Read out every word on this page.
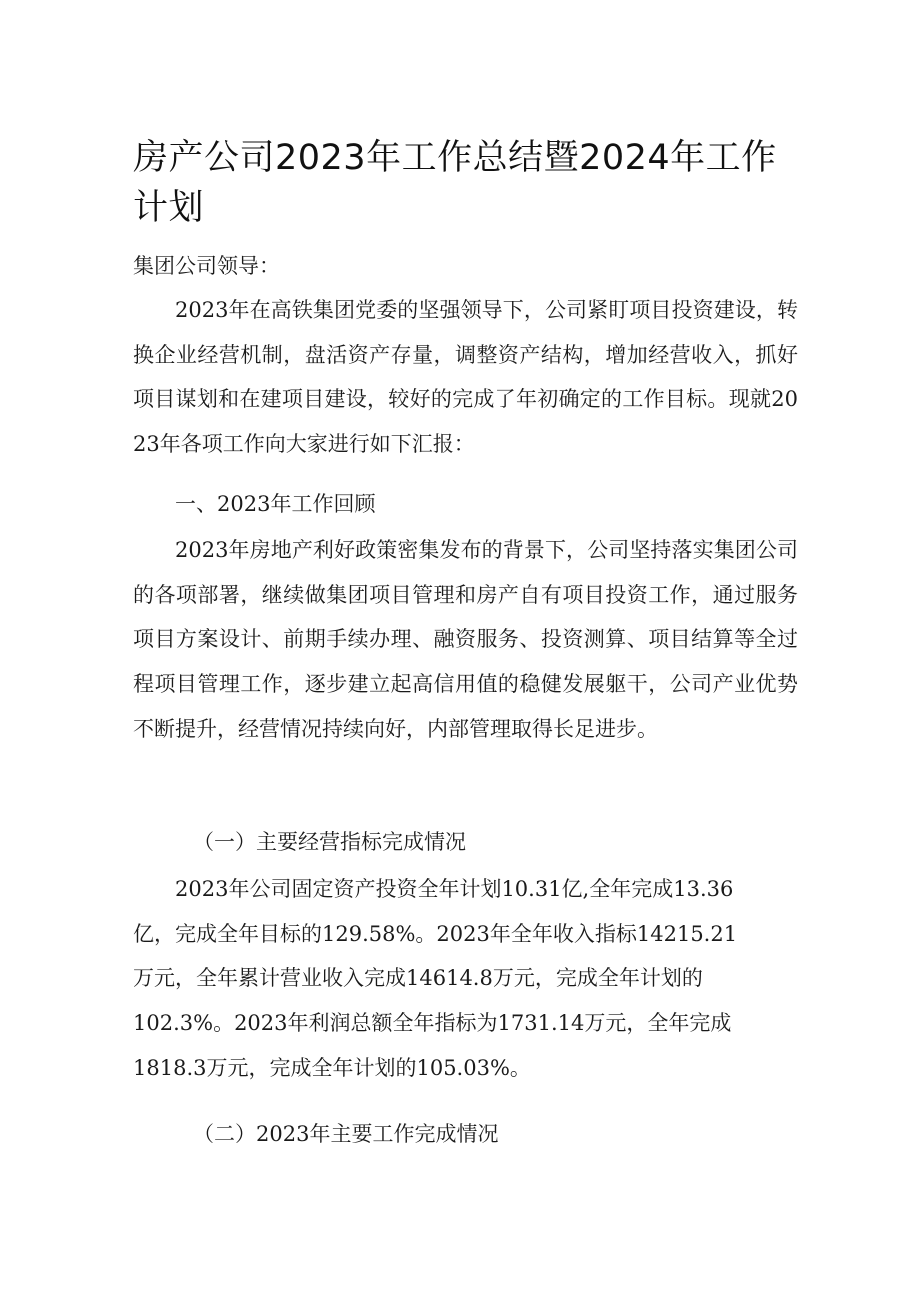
房产公司2023年工作总结暨2024年工作计划

集团公司领导：

2023年在高铁集团党委的坚强领导下，公司紧盯项目投资建设，转换企业经营机制，盘活资产存量，调整资产结构，增加经营收入，抓好项目谋划和在建项目建设，较好的完成了年初确定的工作目标。现就2023年各项工作向大家进行如下汇报：

一、2023年工作回顾

2023年房地产利好政策密集发布的背景下，公司坚持落实集团公司的各项部署，继续做集团项目管理和房产自有项目投资工作，通过服务项目方案设计、前期手续办理、融资服务、投资测算、项目结算等全过程项目管理工作，逐步建立起高信用值的稳健发展躯干，公司产业优势不断提升，经营情况持续向好，内部管理取得长足进步。

（一）主要经营指标完成情况

2023年公司固定资产投资全年计划10.31亿,全年完成13.36
亿，完成全年目标的129.58%。2023年全年收入指标14215.21
万元，全年累计营业收入完成14614.8万元，完成全年计划的
102.3%。2023年利润总额全年指标为1731.14万元，全年完成
1818.3万元，完成全年计划的105.03%。

（二）2023年主要工作完成情况
